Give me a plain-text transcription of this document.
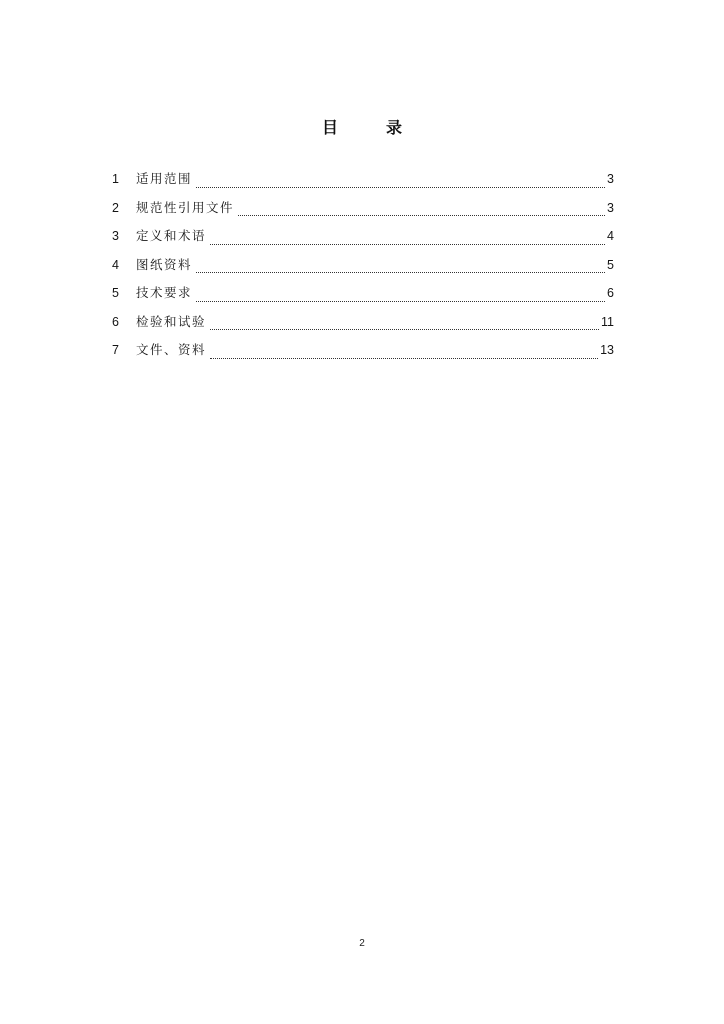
目　录
1	适用范围	3
2	规范性引用文件	3
3	定义和术语	4
4	图纸资料	5
5	技术要求	6
6	检验和试验	11
7	文件、资料	13
2
